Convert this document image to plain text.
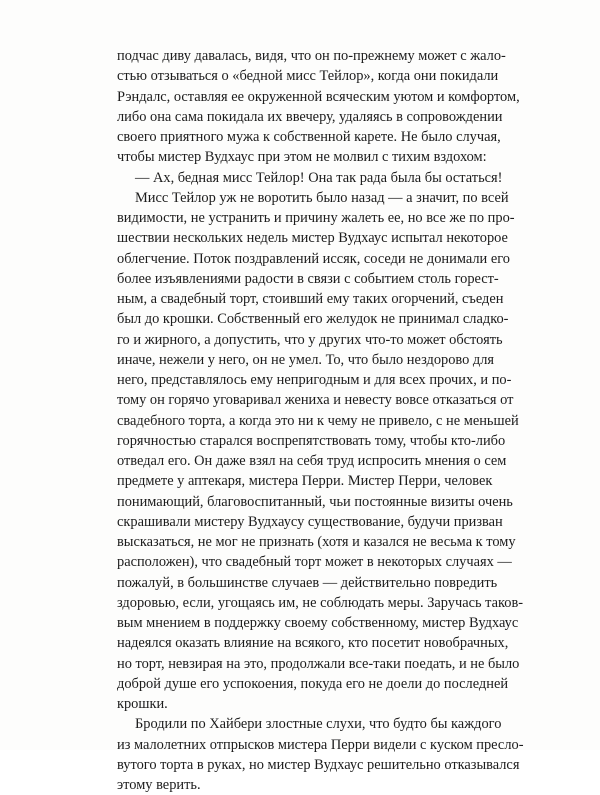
подчас диву давалась, видя, что он по-прежнему может с жало-
стью отзываться о «бедной мисс Тейлор», когда они покидали
Рэндалс, оставляя ее окруженной всяческим уютом и комфортом,
либо она сама покидала их ввечеру, удаляясь в сопровождении
своего приятного мужа к собственной карете. Не было случая,
чтобы мистер Вудхаус при этом не молвил с тихим вздохом:
— Ах, бедная мисс Тейлор! Она так рада была бы остаться!
Мисс Тейлор уж не воротить было назад — а значит, по всей
видимости, не устранить и причину жалеть ее, но все же по про-
шествии нескольких недель мистер Вудхаус испытал некоторое
облегчение. Поток поздравлений иссяк, соседи не донимали его
более изъявлениями радости в связи с событием столь горест-
ным, а свадебный торт, стоивший ему таких огорчений, съеден
был до крошки. Собственный его желудок не принимал сладко-
го и жирного, а допустить, что у других что-то может обстоять
иначе, нежели у него, он не умел. То, что было нездорово для
него, представлялось ему непригодным и для всех прочих, и по-
тому он горячо уговаривал жениха и невесту вовсе отказаться от
свадебного торта, а когда это ни к чему не привело, с не меньшей
горячностью старался воспрепятствовать тому, чтобы кто-либо
отведал его. Он даже взял на себя труд испросить мнения о сем
предмете у аптекаря, мистера Перри. Мистер Перри, человек
понимающий, благовоспитанный, чьи постоянные визиты очень
скрашивали мистеру Вудхаусу существование, будучи призван
высказаться, не мог не признать (хотя и казался не весьма к тому
расположен), что свадебный торт может в некоторых случаях —
пожалуй, в большинстве случаев — действительно повредить
здоровью, если, угощаясь им, не соблюдать меры. Заручась таков-
вым мнением в поддержку своему собственному, мистер Вудхаус
надеялся оказать влияние на всякого, кто посетит новобрачных,
но торт, невзирая на это, продолжали все-таки поедать, и не было
доброй душе его успокоения, покуда его не доели до последней
крошки.
Бродили по Хайбери злостные слухи, что будто бы каждого
из малолетних отпрысков мистера Перри видели с куском пресло-
вутого торта в руках, но мистер Вудхаус решительно отказывался
этому верить.
